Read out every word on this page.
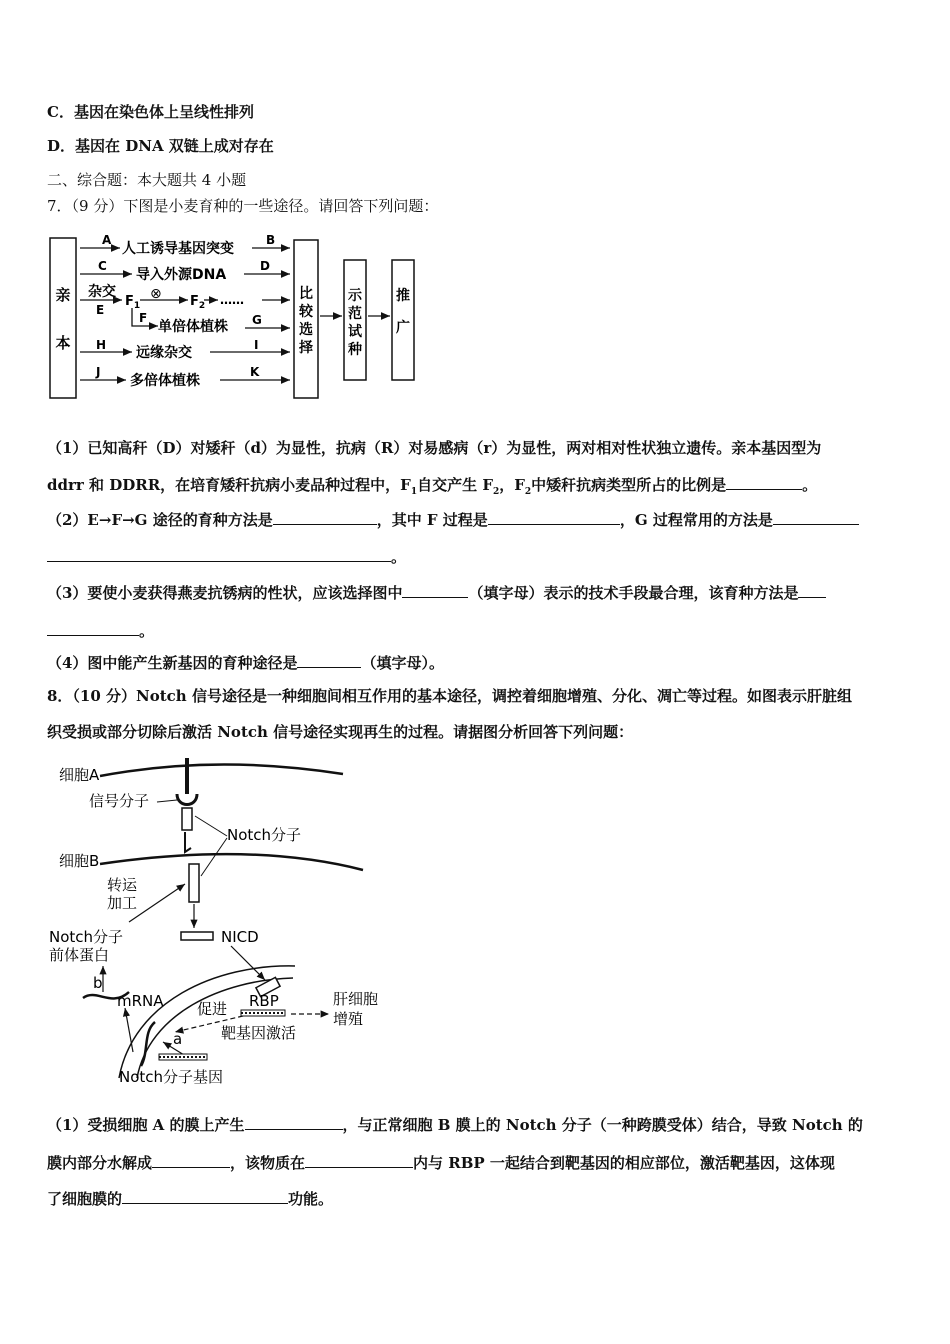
C．基因在染色体上呈线性排列
D．基因在 DNA 双链上成对存在
二、综合题：本大题共 4 小题
7．（9 分）下图是小麦育种的一些途径。请回答下列问题：
亲
本
A
人工诱导基因突变
B
C
导入外源DNA
D
杂交
E
$F_1$
⊗ $F_2$ ……
F
单倍体植株 G
H 远缘杂交	I
J
多倍体植株
K
比
较
选
择
示
范
试
种
推
广
（1）已知高秆（D）对矮秆（d）为显性，抗病（R）对易感病（r）为显性，两对相对性状独立遗传。亲本基因型为
ddrr 和 DDRR，在培育矮秆抗病小麦品种过程中，$F_1$自交产生 $F_2$，$F_2$中矮秆抗病类型所占的比例是	。
（2）E→F→G 途径的育种方法是	，其中 F 过程是	，G 过程常用的方法是
。
（3）要使小麦获得燕麦抗锈病的性状，应该选择图中	（填字母）表示的技术手段最合理，该育种方法是
。
（4）图中能产生新基因的育种途径是	（填字母）。
8．（10 分）Notch 信号途径是一种细胞间相互作用的基本途径，调控着细胞增殖、分化、凋亡等过程。如图表示肝脏组
织受损或部分切除后激活 Notch 信号途径实现再生的过程。请据图分析回答下列问题：
细胞A
信号分子
Notch分子
细胞B
转运
加工
NICD
Notch分子
前体蛋白
b
mRNA 促进 RBP	肝细胞
增殖
靶基因激活
a
Notch分子基因
（1）受损细胞 A 的膜上产生	，与正常细胞 B 膜上的 Notch 分子（一种跨膜受体）结合，导致 Notch 的
膜内部分水解成	，该物质在	内与 RBP 一起结合到靶基因的相应部位，激活靶基因，这体现
了细胞膜的	功能。
